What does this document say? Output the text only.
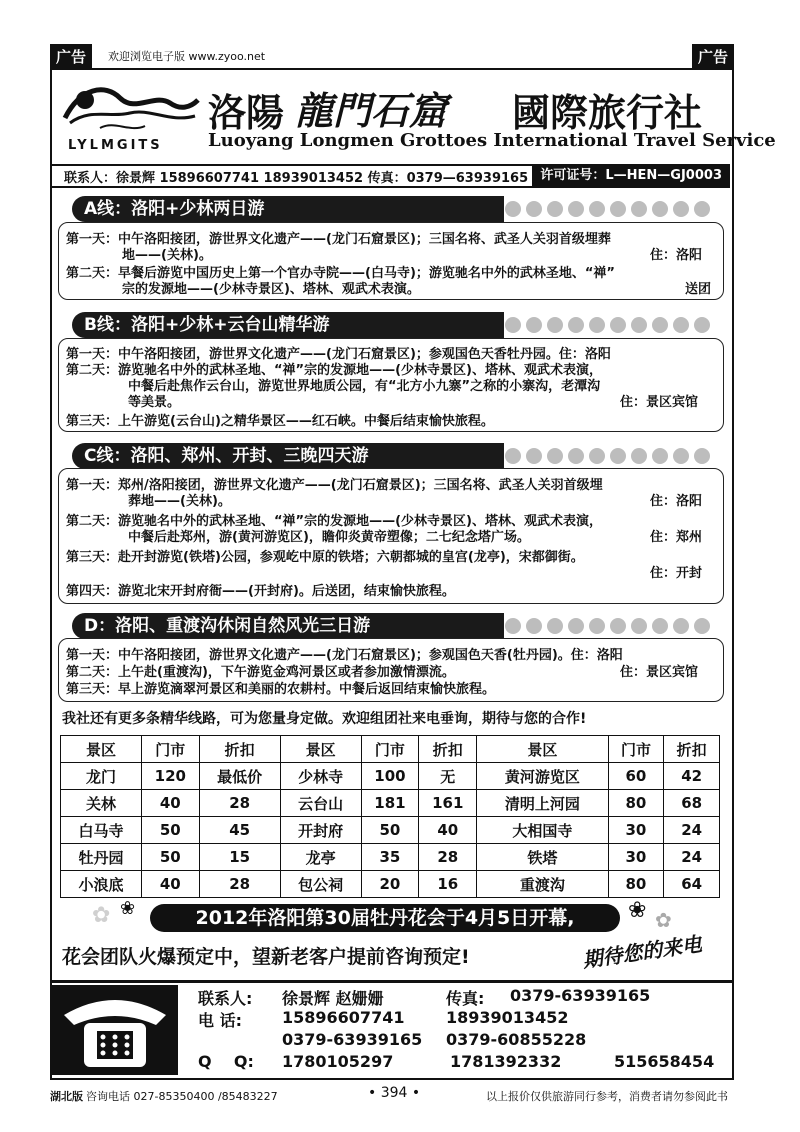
广告	欢迎浏览电子版 www.zyoo.net	广告
LYLMGITS
洛陽 龍門石窟 國際旅行社
Luoyang Longmen Grottoes International Travel Service
联系人：徐景辉 15896607741 18939013452 传真：0379—63939165 许可证号：L—HEN—GJ0003
A线：洛阳+少林两日游
第一天：中午洛阳接团，游世界文化遗产——(龙门石窟景区)；三国名将、武圣人关羽首级埋葬
地——(关林)。	住：洛阳
第二天：早餐后游览中国历史上第一个官办寺院——(白马寺)；游览驰名中外的武林圣地、“禅”
宗的发源地——(少林寺景区)、塔林、观武术表演。	送团
B线：洛阳+少林+云台山精华游
第一天：中午洛阳接团，游世界文化遗产——(龙门石窟景区)；参观国色天香牡丹园。住：洛阳
第二天：游览驰名中外的武林圣地、“禅”宗的发源地——(少林寺景区)、塔林、观武术表演，
中餐后赴焦作云台山，游览世界地质公园，有“北方小九寨”之称的小寨沟，老潭沟
等美景。	住：景区宾馆
第三天：上午游览(云台山)之精华景区——红石峡。中餐后结束愉快旅程。
C线：洛阳、郑州、开封、三晚四天游
第一天：郑州/洛阳接团，游世界文化遗产——(龙门石窟景区)；三国名将、武圣人关羽首级埋
葬地——(关林)。	住：洛阳
第二天：游览驰名中外的武林圣地、“禅”宗的发源地——(少林寺景区)、塔林、观武术表演，
中餐后赴郑州，游(黄河游览区)，瞻仰炎黄帝塑像；二七纪念塔广场。	住：郑州
第三天：赴开封游览(铁塔)公园，参观屹中原的铁塔；六朝都城的皇宫(龙亭)，宋都御街。
住：开封
第四天：游览北宋开封府衙——(开封府)。后送团，结束愉快旅程。
D：洛阳、重渡沟休闲自然风光三日游
第一天：中午洛阳接团，游世界文化遗产——(龙门石窟景区)；参观国色天香(牡丹园)。住：洛阳
第二天：上午赴(重渡沟)，下午游览金鸡河景区或者参加激情漂流。	住：景区宾馆
第三天：早上游览滴翠河景区和美丽的农耕村。中餐后返回结束愉快旅程。
我社还有更多条精华线路，可为您量身定做。欢迎组团社来电垂询，期待与您的合作!
景区	门市	折扣	景区	门市	折扣	景区	门市	折扣
龙门	120	最低价	少林寺	100	无	黄河游览区	60	42
关林	40	28	云台山	181	161	清明上河园	80	68
白马寺	50	45	开封府	50	40	大相国寺	30	24
牡丹园	50	15	龙亭	35	28	铁塔	30	24
小浪底	40	28	包公祠	20	16	重渡沟	80	64
✿ ❀	2012年洛阳第30届牡丹花会于4月5日开幕,	❀ ✿
花会团队火爆预定中，望新老客户提前咨询预定!	期待您的来电
联系人: 徐景辉 赵姗姗	传真: 0379-63939165
电 话:	15896607741	18939013452
0379-63939165 0379-60855228
Q    Q: 1780105297	1781392332	515658454
湖北版 咨询电话 027-85350400 /85483227	• 394 •	以上报价仅供旅游同行参考，消费者请勿参阅此书
